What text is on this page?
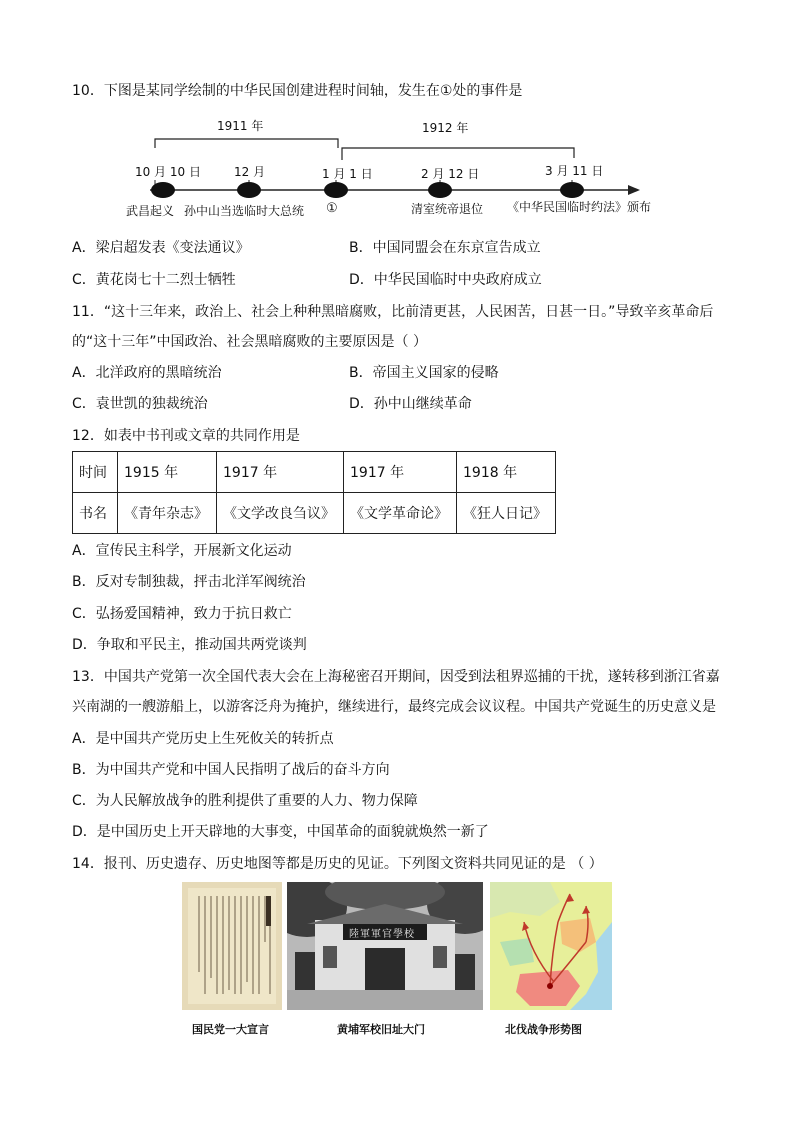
10．下图是某同学绘制的中华民国创建进程时间轴，发生在①处的事件是
1911 年	1912 年
10 月 10 日	12 月	1 月 1 日	2 月 12 日	3 月 11 日
武昌起义 孙中山当选临时大总统 ①	清室统帝退位 《中华民国临时约法》颁布
A．梁启超发表《变法通议》	B．中国同盟会在东京宣告成立
C．黄花岗七十二烈士牺牲	D．中华民国临时中央政府成立
11．“这十三年来，政治上、社会上种种黑暗腐败，比前清更甚，人民困苦，日甚一日。”导致辛亥革命后
的“这十三年”中国政治、社会黑暗腐败的主要原因是（ ）
A．北洋政府的黑暗统治	B．帝国主义国家的侵略
C．袁世凯的独裁统治	D．孙中山继续革命
12．如表中书刊或文章的共同作用是
时间	1915 年	1917 年	1917 年	1918 年
书名	《青年杂志》	《文学改良刍议》	《文学革命论》	《狂人日记》
A．宣传民主科学，开展新文化运动
B．反对专制独裁，抨击北洋军阀统治
C．弘扬爱国精神，致力于抗日救亡
D．争取和平民主，推动国共两党谈判
13．中国共产党第一次全国代表大会在上海秘密召开期间，因受到法租界巡捕的干扰，遂转移到浙江省嘉
兴南湖的一艘游船上，以游客泛舟为掩护，继续进行，最终完成会议议程。中国共产党诞生的历史意义是
A．是中国共产党历史上生死攸关的转折点
B．为中国共产党和中国人民指明了战后的奋斗方向
C．为人民解放战争的胜利提供了重要的人力、物力保障
D．是中国历史上开天辟地的大事变，中国革命的面貌就焕然一新了
14．报刊、历史遗存、历史地图等都是历史的见证。下列图文资料共同见证的是 （ ）
陸軍軍官學校
国民党一大宣言	黄埔军校旧址大门	北伐战争形势图
